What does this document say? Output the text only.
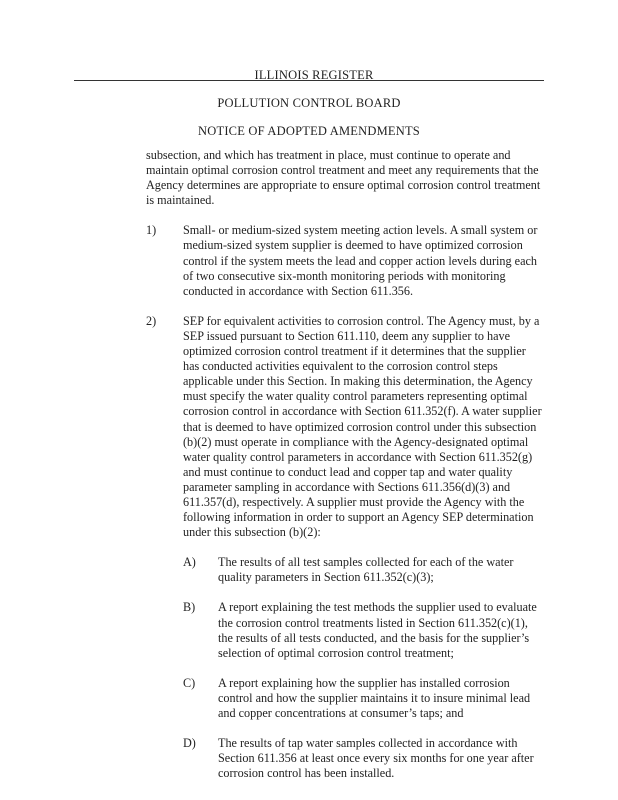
ILLINOIS REGISTER
POLLUTION CONTROL BOARD
NOTICE OF ADOPTED AMENDMENTS

subsection, and which has treatment in place, must continue to operate and maintain optimal corrosion control treatment and meet any requirements that the Agency determines are appropriate to ensure optimal corrosion control treatment is maintained.

1) Small- or medium-sized system meeting action levels. A small system or medium-sized system supplier is deemed to have optimized corrosion control if the system meets the lead and copper action levels during each of two consecutive six-month monitoring periods with monitoring conducted in accordance with Section 611.356.

2) SEP for equivalent activities to corrosion control. The Agency must, by a SEP issued pursuant to Section 611.110, deem any supplier to have optimized corrosion control treatment if it determines that the supplier has conducted activities equivalent to the corrosion control steps applicable under this Section. In making this determination, the Agency must specify the water quality control parameters representing optimal corrosion control in accordance with Section 611.352(f). A water supplier that is deemed to have optimized corrosion control under this subsection (b)(2) must operate in compliance with the Agency-designated optimal water quality control parameters in accordance with Section 611.352(g) and must continue to conduct lead and copper tap and water quality parameter sampling in accordance with Sections 611.356(d)(3) and 611.357(d), respectively. A supplier must provide the Agency with the following information in order to support an Agency SEP determination under this subsection (b)(2):

A) The results of all test samples collected for each of the water quality parameters in Section 611.352(c)(3);

B) A report explaining the test methods the supplier used to evaluate the corrosion control treatments listed in Section 611.352(c)(1), the results of all tests conducted, and the basis for the supplier’s selection of optimal corrosion control treatment;

C) A report explaining how the supplier has installed corrosion control and how the supplier maintains it to insure minimal lead and copper concentrations at consumer’s taps; and

D) The results of tap water samples collected in accordance with Section 611.356 at least once every six months for one year after corrosion control has been installed.
